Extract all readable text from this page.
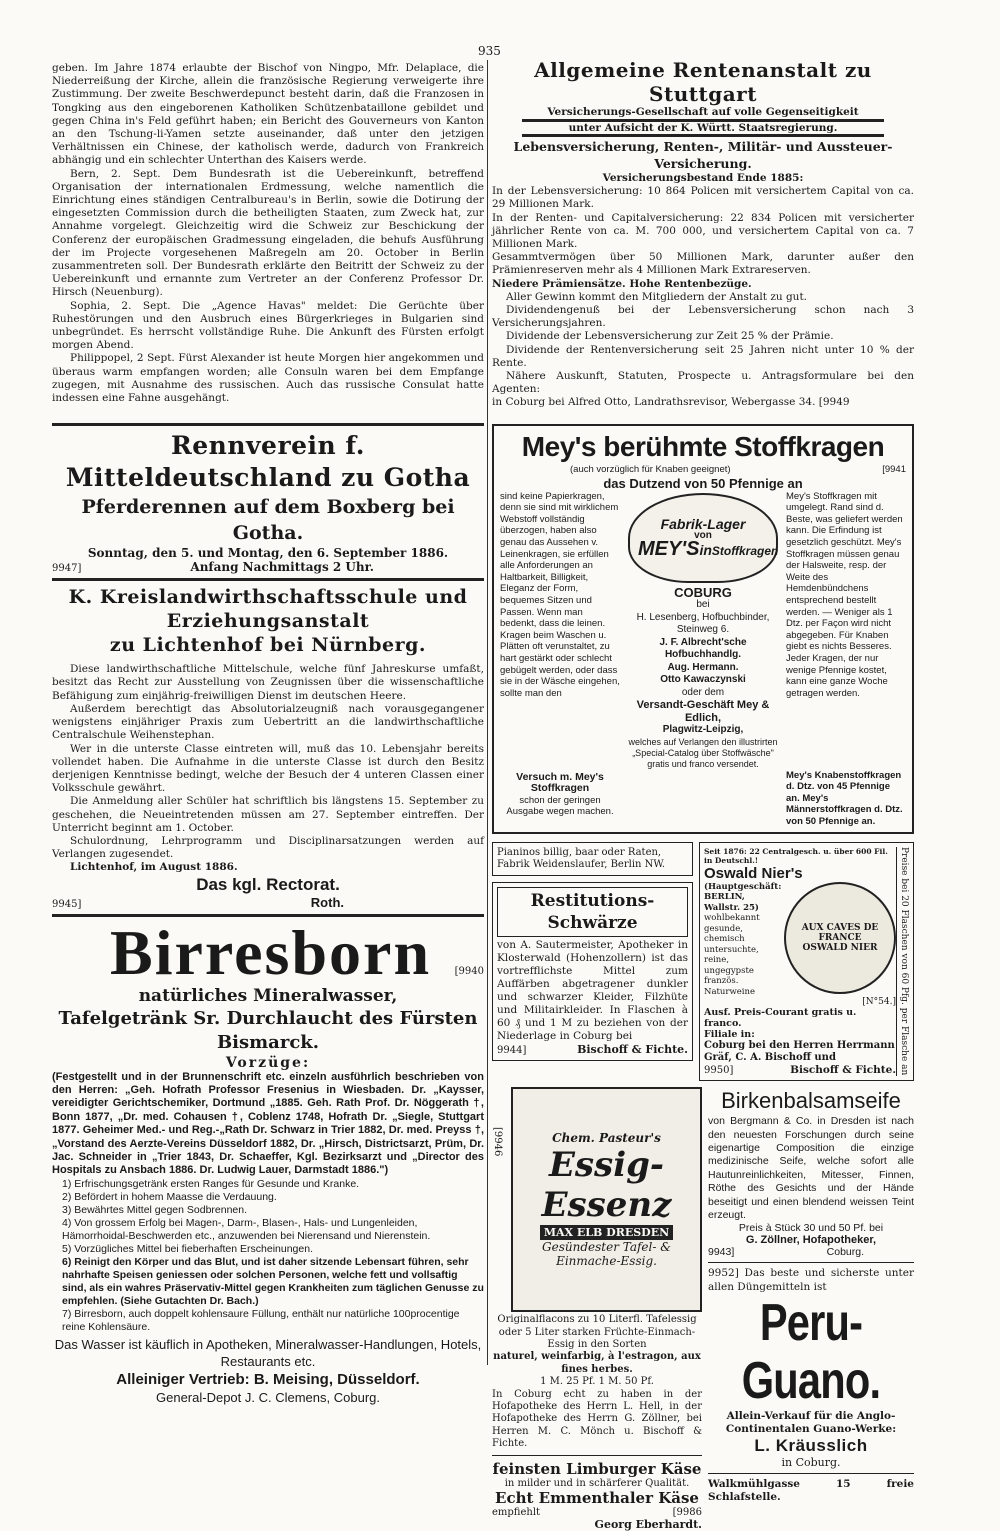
935

geben. Im Jahre 1874 erlaubte der Bischof von Ningpo, Mfr. Delaplace, die Niederreißung der Kirche, allein die französische Regierung verweigerte ihre Zustimmung. Der zweite Beschwerdepunct besteht darin, daß die Franzosen in Tongking aus den eingeborenen Katholiken Schützenbataillone gebildet und gegen China in's Feld geführt haben; ein Bericht des Gouverneurs von Kanton an den Tschung-li-Yamen setzte auseinander, daß unter den jetzigen Verhältnissen ein Chinese, der katholisch werde, dadurch von Frankreich abhängig und ein schlechter Unterthan des Kaisers werde.

Bern, 2. Sept. Dem Bundesrath ist die Uebereinkunft, betreffend Organisation der internationalen Erdmessung, welche namentlich die Einrichtung eines ständigen Centralbureau's in Berlin, sowie die Dotirung der eingesetzten Commission durch die betheiligten Staaten, zum Zweck hat, zur Annahme vorgelegt. Gleichzeitig wird die Schweiz zur Beschickung der Conferenz der europäischen Gradmessung eingeladen, die behufs Ausführung der im Projecte vorgesehenen Maßregeln am 20. October in Berlin zusammentreten soll. Der Bundesrath erklärte den Beitritt der Schweiz zu der Uebereinkunft und ernannte zum Vertreter an der Conferenz Professor Dr. Hirsch (Neuenburg).

Sophia, 2. Sept. Die „Agence Havas" meldet: Die Gerüchte über Ruhestörungen und den Ausbruch eines Bürgerkrieges in Bulgarien sind unbegründet. Es herrscht vollständige Ruhe. Die Ankunft des Fürsten erfolgt morgen Abend.

Philippopel, 2 Sept. Fürst Alexander ist heute Morgen hier angekommen und überaus warm empfangen worden; alle Consuln waren bei dem Empfange zugegen, mit Ausnahme des russischen. Auch das russische Consulat hatte indessen eine Fahne ausgehängt.

Rennverein f. Mitteldeutschland zu Gotha
Pferderennen auf dem Boxberg bei Gotha.
Sonntag, den 5. und Montag, den 6. September 1886.
9947]	Anfang Nachmittags 2 Uhr.
K. Kreislandwirthschaftsschule und Erziehungsanstalt
zu Lichtenhof bei Nürnberg.

Diese landwirthschaftliche Mittelschule, welche fünf Jahreskurse umfaßt, besitzt das Recht zur Ausstellung von Zeugnissen über die wissenschaftliche Befähigung zum einjährig-freiwilligen Dienst im deutschen Heere.

Außerdem berechtigt das Absolutorialzeugniß nach vorausgegangener wenigstens einjähriger Praxis zum Uebertritt an die landwirthschaftliche Centralschule Weihenstephan.

Wer in die unterste Classe eintreten will, muß das 10. Lebensjahr bereits vollendet haben. Die Aufnahme in die unterste Classe ist durch den Besitz derjenigen Kenntnisse bedingt, welche der Besuch der 4 unteren Classen einer Volksschule gewährt.

Die Anmeldung aller Schüler hat schriftlich bis längstens 15. September zu geschehen, die Neueintretenden müssen am 27. September eintreffen. Der Unterricht beginnt am 1. October.

Schulordnung, Lehrprogramm und Disciplinarsatzungen werden auf Verlangen zugesendet.

Lichtenhof, im August 1886.

Das kgl. Rectorat.
9945]	Roth.
Birresborn [9940
natürliches Mineralwasser,
Tafelgetränk Sr. Durchlaucht des Fürsten Bismarck.
Vorzüge:

(Festgestellt und in der Brunnenschrift etc. einzeln ausführlich beschrieben von den Herren: „Geh. Hofrath Professor Fresenius in Wiesbaden. Dr. „Kaysser, vereidigter Gerichtschemiker, Dortmund „1885. Geh. Rath Prof. Dr. Nöggerath †, Bonn 1877, „Dr. med. Cohausen †, Coblenz 1748, Hofrath Dr. „Siegle, Stuttgart 1877. Geheimer Med.- und Reg.-„Rath Dr. Schwarz in Trier 1882, Dr. med. Preyss †, „Vorstand des Aerzte-Vereins Düsseldorf 1882, Dr. „Hirsch, Districtsarzt, Prüm, Dr. Jac. Schneider in „Trier 1843, Dr. Schaeffer, Kgl. Bezirksarzt und „Director des Hospitals zu Ansbach 1886. Dr. Ludwig Lauer, Darmstadt 1886.")

1) Erfrischungsgetränk ersten Ranges für Gesunde und Kranke.
2) Befördert in hohem Maasse die Verdauung.
3) Bewährtes Mittel gegen Sodbrennen.
4) Von grossem Erfolg bei Magen-, Darm-, Blasen-, Hals- und Lungenleiden, Hämorrhoidal-Beschwerden etc., anzuwenden bei Nierensand und Nierenstein.
5) Vorzügliches Mittel bei fieberhaften Erscheinungen.
6) Reinigt den Körper und das Blut, und ist daher sitzende Lebensart führen, sehr nahrhafte Speisen geniessen oder solchen Personen, welche fett und vollsaftig sind, als ein wahres Präservativ-Mittel gegen Krankheiten zum täglichen Genusse zu empfehlen. (Siehe Gutachten Dr. Bach.)
7) Birresborn, auch doppelt kohlensaure Füllung, enthält nur natürliche 100procentige reine Kohlensäure.
Das Wasser ist käuflich in Apotheken, Mineralwasser-Handlungen, Hotels, Restaurants etc.
Alleiniger Vertrieb: B. Meising, Düsseldorf.
General-Depot J. C. Clemens, Coburg.
Allgemeine Rentenanstalt zu Stuttgart
Versicherungs-Gesellschaft auf volle Gegenseitigkeit
unter Aufsicht der K. Württ. Staatsregierung.
Lebensversicherung, Renten-, Militär- und Aussteuer-Versicherung.
Versicherungsbestand Ende 1885:
In der Lebensversicherung: 10 864 Policen mit versichertem Capital von ca. 29 Millionen Mark.
In der Renten- und Capitalversicherung: 22 834 Policen mit versicherter jährlicher Rente von ca. M. 700 000, und versichertem Capital von ca. 7 Millionen Mark.
Gesammtvermögen über 50 Millionen Mark, darunter außer den Prämienreserven mehr als 4 Millionen Mark Extrareserven.
Niedere Prämiensätze. Hohe Rentenbezüge.
Aller Gewinn kommt den Mitgliedern der Anstalt zu gut.
Dividendengenuß bei der Lebensversicherung schon nach 3 Versicherungsjahren.
Dividende der Lebensversicherung zur Zeit 25 % der Prämie.
Dividende der Rentenversicherung seit 25 Jahren nicht unter 10 % der Rente.
Nähere Auskunft, Statuten, Prospecte u. Antragsformulare bei den Agenten:
in Coburg bei Alfred Otto, Landrathsrevisor, Webergasse 34. [9949
Mey's berühmte Stoffkragen
(auch vorzüglich für Knaben geeignet)	[9941
das Dutzend von 50 Pfennige an
sind keine Papierkragen, denn sie sind mit wirklichem Webstoff vollständig überzogen, haben also genau das Aussehen v. Leinenkragen, sie erfüllen alle Anforderungen an Haltbarkeit, Billigkeit, Eleganz der Form, bequemes Sitzen und Passen. Wenn man bedenkt, dass die leinen. Kragen beim Waschen u. Plätten oft verunstaltet, zu hart gestärkt oder schlecht gebügelt werden, oder dass sie in der Wäsche eingehen, sollte man den
Fabrik-Lager
von
MEY'S in Stoffkragen
COBURG
bei
H. Lesenberg, Hofbuchbinder, Steinweg 6.
J. F. Albrecht'sche Hofbuchhandlg.
Aug. Hermann.
Otto Kawaczynski
oder dem
Versandt-Geschäft Mey & Edlich,
Plagwitz-Leipzig,
welches auf Verlangen den illustrirten „Special-Catalog über Stoffwäsche" gratis und franco versendet.
Mey's Stoffkragen mit umgelegt. Rand sind d. Beste, was geliefert werden kann. Die Erfindung ist gesetzlich geschützt. Mey's Stoffkragen müssen genau der Halsweite, resp. der Weite des Hemdenbündchens entsprechend bestellt werden. — Weniger als 1 Dtz. per Façon wird nicht abgegeben. Für Knaben giebt es nichts Besseres. Jeder Kragen, der nur wenige Pfennige kostet, kann eine ganze Woche getragen werden.
Versuch m. Mey's Stoffkragen
schon der geringen Ausgabe wegen machen.
Mey's Knabenstoffkragen d. Dtz. von 45 Pfennige an. Mey's Männerstoffkragen d. Dtz. von 50 Pfennige an.
Pianinos billig, baar oder Raten, Fabrik Weidenslaufer, Berlin NW.
Restitutions-Schwärze

von A. Sautermeister, Apotheker in Klosterwald (Hohenzollern) ist das vortrefflichste Mittel zum Auffärben abgetragener dunkler und schwarzer Kleider, Filzhüte und Militairkleider. In Flaschen à 60 ₰ und 1 M zu beziehen von der Niederlage in Coburg bei

9944]	Bischoff & Fichte.
Seit 1876: 22 Centralgesch. u. über 600 Fil. in Deutschl.!
Oswald Nier's
(Hauptgeschäft: BERLIN, Wallstr. 25)
wohlbekannt gesunde, chemisch untersuchte, reine, ungegypste französ. Naturweine
AUX CAVES DE FRANCE
OSWALD NIER
[N°54.]
Ausf. Preis-Courant gratis u. franco.
Filiale in:
Coburg bei den Herren Herrmann Gräf, C. A. Bischoff und
9950]	Bischoff & Fichte. Preise bei 20 Flaschen von 60 Pfg. per Flasche an
[9946	Chem. Pasteur's
Essig-Essenz
MAX ELB DRESDEN
Gesündester Tafel- & Einmache-Essig.

Originalflacons zu 10 Literfl. Tafelessig oder 5 Liter starken Früchte-Einmach-Essig in den Sorten

naturel, weinfarbig, à l'estragon, aux fines herbes.

1 M. 25 Pf. 1 M. 50 Pf.

In Coburg echt zu haben in der Hofapotheke des Herrn L. Hell, in der Hofapotheke des Herrn G. Zöllner, bei Herren M. C. Mönch u. Bischoff & Fichte.

feinsten Limburger Käse
in milder und in schärferer Qualität.
Echt Emmenthaler Käse
empfiehlt	[9986
Georg Eberhardt.
Birkenbalsamseife

von Bergmann & Co. in Dresden ist nach den neuesten Forschungen durch seine eigenartige Composition die einzige medizinische Seife, welche sofort alle Hautunreinlichkeiten, Mitesser, Finnen, Röthe des Gesichts und der Hände beseitigt und einen blendend weissen Teint erzeugt.

Preis à Stück 30 und 50 Pf. bei
G. Zöllner, Hofapotheker,
9943]	Coburg.
9952] Das beste und sicherste unter allen Düngemitteln ist
Peru-Guano.
Allein-Verkauf für die Anglo-Continentalen Guano-Werke:
L. Kräusslich
in Coburg.
Walkmühlgasse 15 freie Schlafstelle.
